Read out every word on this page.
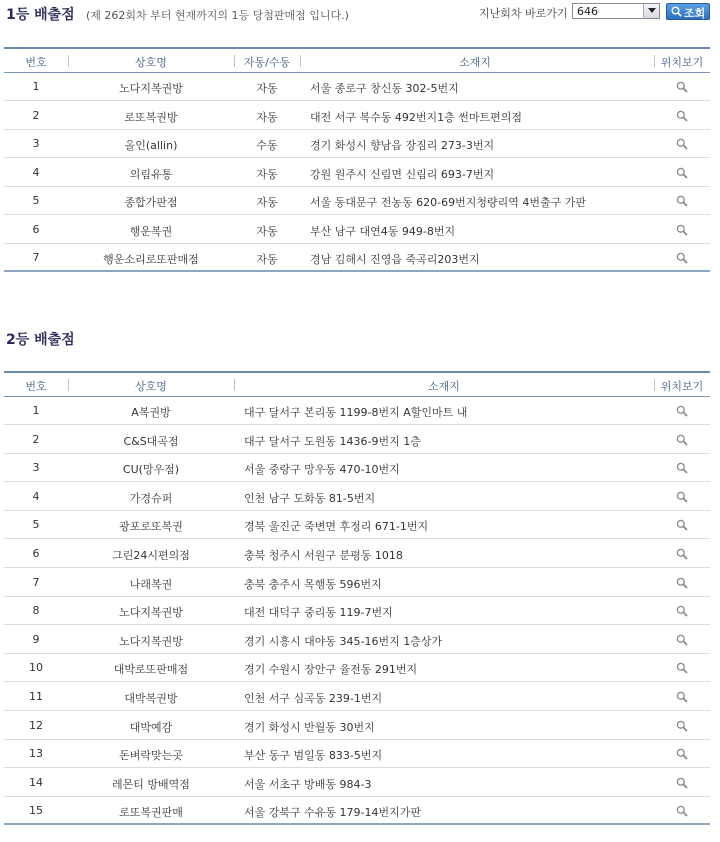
1등 배출점 (제 262회차 부터 현재까지의 1등 당첨판매점 입니다.)	지난회차 바로가기 646	조회
번호	상호명	자동/수동	소재지	위치보기
1	노다지복권방	자동	서울 종로구 창신동 302-5번지
2	로또복권방	자동	대전 서구 복수동 492번지1층 썬마트편의점
3	올인(allin)	수동	경기 화성시 향남읍 장짐리 273-3번지
4	의림유통	자동	강원 원주시 신림면 신림리 693-7번지
5	종합가판점	자동	서울 동대문구 전농동 620-69번지청량리역 4번출구 가판
6	행운복권	자동	부산 남구 대연4동 949-8번지
7	행운소리로또판매점	자동	경남 김해시 진영읍 죽곡리203번지
2등 배출점
번호	상호명	소재지	위치보기
1	A복권방	대구 달서구 본리동 1199-8번지 A할인마트 내
2	C&S대곡점	대구 달서구 도원동 1436-9번지 1층
3	CU(망우점)	서울 중랑구 망우동 470-10번지
4	가경슈퍼	인천 남구 도화동 81-5번지
5	광포로또복권	경북 울진군 죽변면 후정리 671-1번지
6	그린24시편의점	충북 청주시 서원구 분평동 1018
7	나래복권	충북 충주시 목행동 596번지
8	노다지복권방	대전 대덕구 중리동 119-7번지
9	노다지복권방	경기 시흥시 대야동 345-16번지 1층상가
10	대박로또판매점	경기 수원시 장안구 율전동 291번지
11	대박복권방	인천 서구 심곡동 239-1번지
12	대박예감	경기 화성시 반월동 30번지
13	돈벼락맞는곳	부산 동구 범일동 833-5번지
14	레몬티 방배역점	서울 서초구 방배동 984-3
15	로또복권판매	서울 강북구 수유동 179-14번지가판
